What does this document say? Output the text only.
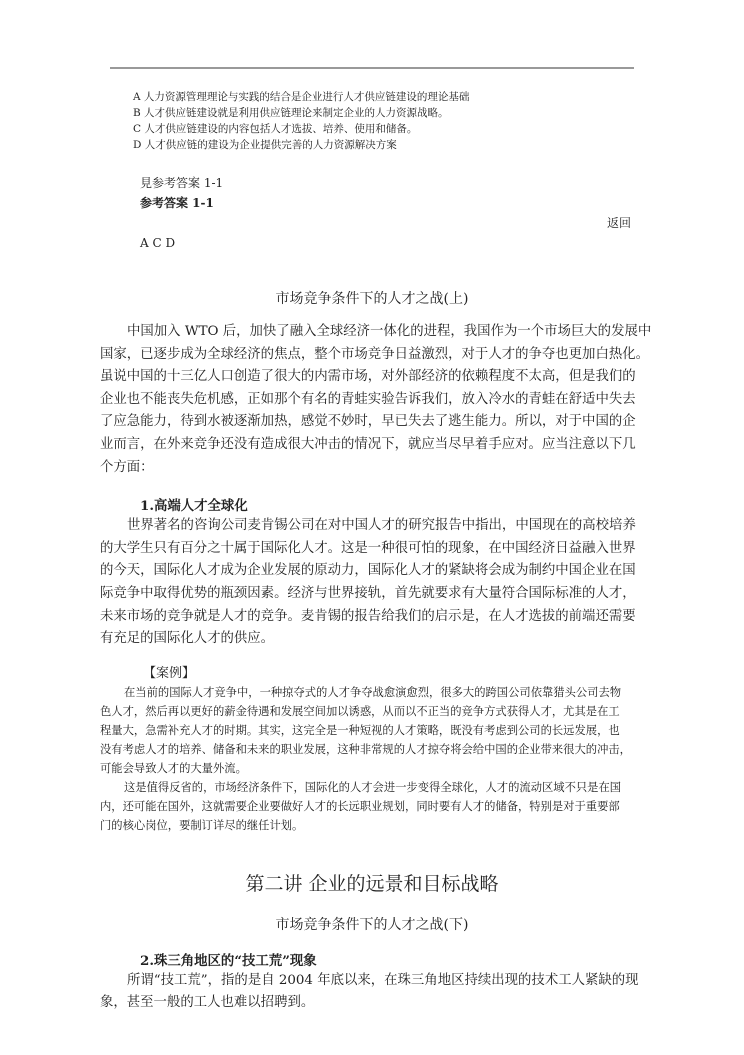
A 人力资源管理理论与实践的结合是企业进行人才供应链建设的理论基础
B 人才供应链建设就是利用供应链理论来制定企业的人力资源战略。
C 人才供应链建设的内容包括人才选拔、培养、使用和储备。
D 人才供应链的建设为企业提供完善的人力资源解决方案
見参考答案 1-1
参考答案 1-1
返回
A C D
市场竞争条件下的人才之战(上)
中国加入 WTO 后，加快了融入全球经济一体化的进程，我国作为一个市场巨大的发展中
国家，已逐步成为全球经济的焦点，整个市场竞争日益激烈，对于人才的争夺也更加白热化。
虽说中国的十三亿人口创造了很大的内需市场，对外部经济的依赖程度不太高，但是我们的
企业也不能丧失危机感，正如那个有名的青蛙实验告诉我们，放入冷水的青蛙在舒适中失去
了应急能力，待到水被逐渐加热，感觉不妙时，早已失去了逃生能力。所以，对于中国的企
业而言，在外来竞争还没有造成很大冲击的情况下，就应当尽早着手应对。应当注意以下几
个方面：
1.高端人才全球化
世界著名的咨询公司麦肯锡公司在对中国人才的研究报告中指出，中国现在的高校培养
的大学生只有百分之十属于国际化人才。这是一种很可怕的现象，在中国经济日益融入世界
的今天，国际化人才成为企业发展的原动力，国际化人才的紧缺将会成为制约中国企业在国
际竞争中取得优势的瓶颈因素。经济与世界接轨，首先就要求有大量符合国际标准的人才，
未来市场的竞争就是人才的竞争。麦肯锡的报告给我们的启示是，在人才选拔的前端还需要
有充足的国际化人才的供应。
【案例】
在当前的国际人才竞争中，一种掠夺式的人才争夺战愈演愈烈，很多大的跨国公司依靠猎头公司去物
色人才，然后再以更好的薪金待遇和发展空间加以诱惑，从而以不正当的竞争方式获得人才，尤其是在工
程量大，急需补充人才的时期。其实，这完全是一种短视的人才策略，既没有考虑到公司的长远发展，也
没有考虑人才的培养、储备和未来的职业发展，这种非常规的人才掠夺将会给中国的企业带来很大的冲击，
可能会导致人才的大量外流。
这是值得反省的，市场经济条件下，国际化的人才会进一步变得全球化，人才的流动区域不只是在国
内，还可能在国外，这就需要企业要做好人才的长远职业规划，同时要有人才的储备，特别是对于重要部
门的核心岗位，要制订详尽的继任计划。
第二讲 企业的远景和目标战略
市场竞争条件下的人才之战(下)
2.珠三角地区的“技工荒”现象
所谓“技工荒”，指的是自 2004 年底以来，在珠三角地区持续出现的技术工人紧缺的现
象，甚至一般的工人也难以招聘到。
